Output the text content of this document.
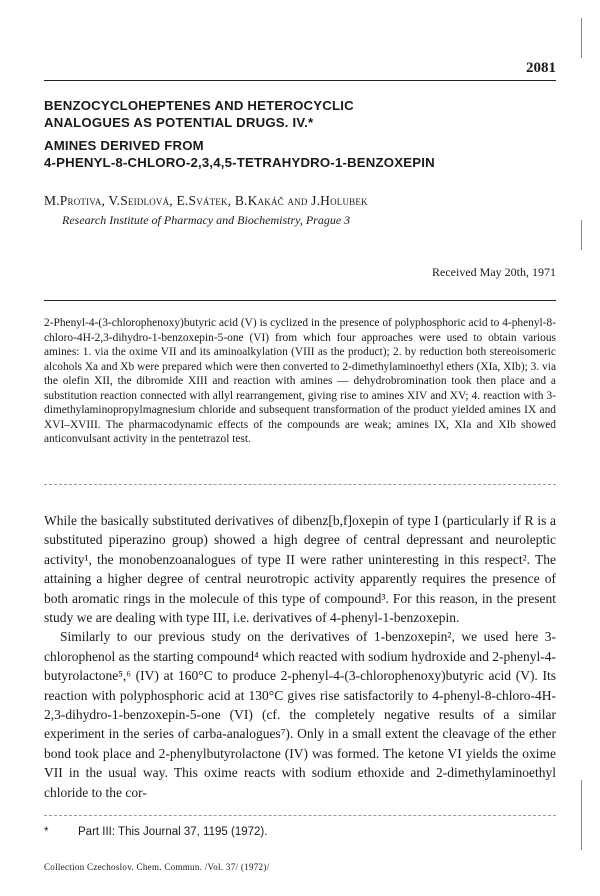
2081
BENZOCYCLOHEPTENES AND HETEROCYCLIC
ANALOGUES AS POTENTIAL DRUGS. IV.*
AMINES DERIVED FROM
4-PHENYL-8-CHLORO-2,3,4,5-TETRAHYDRO-1-BENZOXEPIN
M.Protiva, V.Seidlová, E.Svátek, B.Kakáč and J.Holubek
Research Institute of Pharmacy and Biochemistry, Prague 3
Received May 20th, 1971
2-Phenyl-4-(3-chlorophenoxy)butyric acid (V) is cyclized in the presence of polyphosphoric acid to 4-phenyl-8-chloro-4H-2,3-dihydro-1-benzoxepin-5-one (VI) from which four approaches were used to obtain various amines: 1. via the oxime VII and its aminoalkylation (VIII as the product); 2. by reduction both stereoisomeric alcohols Xa and Xb were prepared which were then converted to 2-dimethylaminoethyl ethers (XIa, XIb); 3. via the olefin XII, the dibromide XIII and reaction with amines — dehydrobromination took then place and a substitution reaction connected with allyl rearrangement, giving rise to amines XIV and XV; 4. reaction with 3-dimethylaminopropylmagnesium chloride and subsequent transformation of the product yielded amines IX and XVI–XVIII. The pharmacodynamic effects of the compounds are weak; amines IX, XIa and XIb showed anticonvulsant activity in the pentetrazol test.

While the basically substituted derivatives of dibenz[b,f]oxepin of type I (particularly if R is a substituted piperazino group) showed a high degree of central depressant and neuroleptic activity¹, the monobenzoanalogues of type II were rather uninteresting in this respect². The attaining a higher degree of central neurotropic activity apparently requires the presence of both aromatic rings in the molecule of this type of compound³. For this reason, in the present study we are dealing with type III, i.e. derivatives of 4-phenyl-1-benzoxepin.

Similarly to our previous study on the derivatives of 1-benzoxepin², we used here 3-chlorophenol as the starting compound⁴ which reacted with sodium hydroxide and 2-phenyl-4-butyrolactone⁵,⁶ (IV) at 160°C to produce 2-phenyl-4-(3-chlorophenoxy)butyric acid (V). Its reaction with polyphosphoric acid at 130°C gives rise satisfactorily to 4-phenyl-8-chloro-4H-2,3-dihydro-1-benzoxepin-5-one (VI) (cf. the completely negative results of a similar experiment in the series of carba-analogues⁷). Only in a small extent the cleavage of the ether bond took place and 2-phenylbutyrolactone (IV) was formed. The ketone VI yields the oxime VII in the usual way. This oxime reacts with sodium ethoxide and 2-dimethylaminoethyl chloride to the cor-

*	Part III: This Journal 37, 1195 (1972).
Collection Czechoslov. Chem. Commun. /Vol. 37/ (1972)/
